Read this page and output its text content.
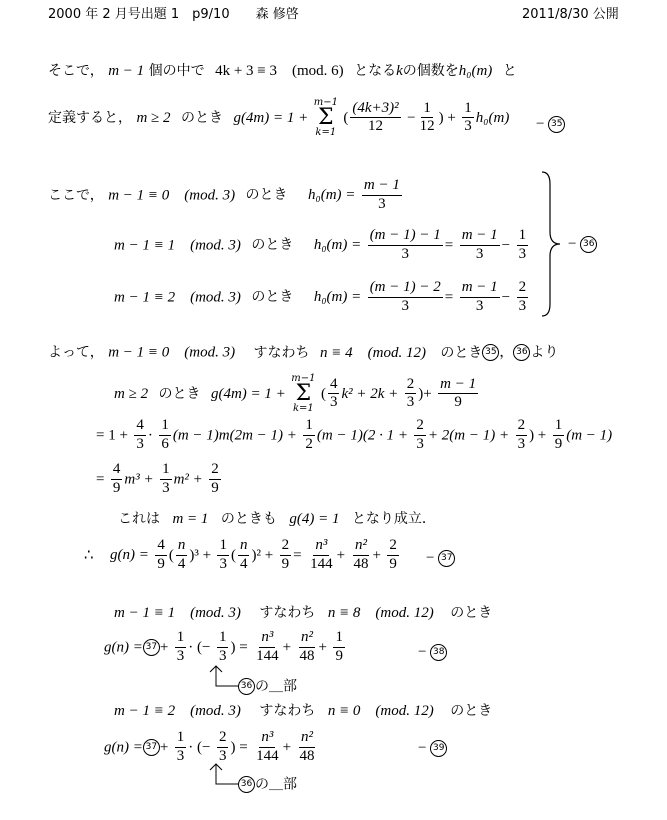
2000 年 2 月号出題 1　p9/10　　森 修啓	2011/8/30 公開
そこで， m − 1 個の中で 4k + 3 ≡ 3　(mod. 6) となるkの個数をh₀(m) と
定義すると， m ≥ 2 のとき g(4m) = 1 +
m−1
Σ
k=1
( $\frac{\text{(4k+3)²}}{12} - \frac{1}{12}$ ) + $\frac{1}{3} h_0(m) - 35$
ここで， m − 1 ≡ 0　(mod. 3) のとき $h_0(m) = \frac{m - 1}{3}$
m − 1 ≡ 1　(mod. 3) のとき $h_0(m) = \frac{(m - 1) - 1}{3} = \frac{m - 1}{3} - \frac{1}{3}$
m − 1 ≡ 2　(mod. 3) のとき $h_0(m) = \frac{(m - 1) - 2}{3} = \frac{m - 1}{3} - \frac{2}{3}$
− 36
よって， m − 1 ≡ 0　(mod. 3) すなわち n ≡ 4　(mod. 12) のとき 35 ， 36 より
m ≥ 2 のとき g(4m) = 1 +
m−1
Σ
k=1
( $\frac{4}{3} k^2 + 2k + \frac{2}{3}$ )+ $\frac{m - 1}{9}$
= $1 + \frac{4}{3} \cdot \frac{1}{6} (m - 1)m(2m - 1) + \frac{1}{2} (m - 1)(2 \cdot 1 + \frac{2}{3} + 2(m - 1) + \frac{2}{3}$ ) + $\frac{1}{9} (m - 1)$
= $\frac{4}{9} m^3 + \frac{1}{3} m^2 + \frac{2}{9}$
これは m = 1 のときも g(4) = 1 となり成立．
∴ $g(n) = \frac{4}{9}$ ( $\frac{n}{4} )^3 + \frac{1}{3}$ ( $\frac{n}{4} )^2 + \frac{2}{9} = \frac{\text{n³}}{144} + \frac{\text{n²}}{48} + \frac{2}{9} - 37$
m − 1 ≡ 1　(mod. 3) すなわち n ≡ 8　(mod. 12) のとき
$g(n) = 37 + \frac{1}{3}$ · (− $\frac{1}{3}$ ) = $\frac{\text{n³}}{144} + \frac{\text{n²}}{48} + \frac{1}{9}$	− 38
36 の＿部
m − 1 ≡ 2　(mod. 3) すなわち n ≡ 0　(mod. 12) のとき
$g(n) = 37 + \frac{1}{3}$ · (− $\frac{2}{3}$ ) = $\frac{\text{n³}}{144} + \frac{\text{n²}}{48}$	− 39
36 の＿部
